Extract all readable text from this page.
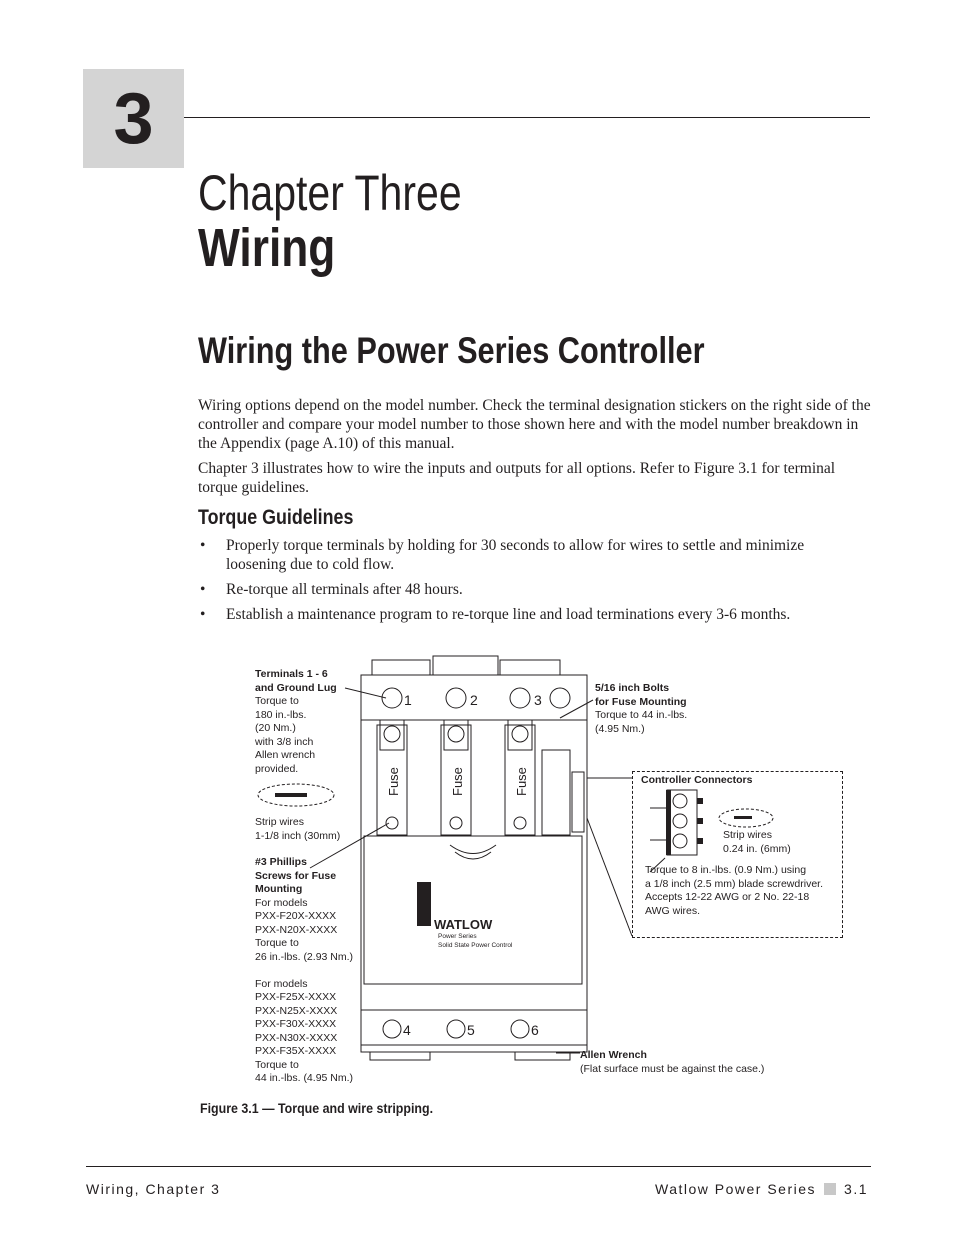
3
Chapter Three
Wiring
Wiring the Power Series Controller

Wiring options depend on the model number. Check the terminal designation stickers on the right side of the controller and compare your model number to those shown here and with the model number breakdown in the Appendix (page A.10) of this manual.

Chapter 3 illustrates how to wire the inputs and outputs for all options. Refer to Figure 3.1 for terminal torque guidelines.

Torque Guidelines
• Properly torque terminals by holding for 30 seconds to allow for wires to settle and minimize loosening due to cold flow.
• Re-torque all terminals after 48 hours.
• Establish a maintenance program to re-torque line and load terminations every 3-6 months.
1	2	3
4	5	6
Fuse	Fuse	Fuse
WATLOW
Power Series
Solid State Power Control
Terminals 1 - 6
and Ground Lug
Torque to
180 in.-lbs.
(20 Nm.)
with 3/8 inch
Allen wrench
provided.
Strip wires
1-1/8 inch (30mm)
#3 Phillips
Screws for Fuse
Mounting
For models
PXX-F20X-XXXX
PXX-N20X-XXXX
Torque to
26 in.-lbs. (2.93 Nm.)

For models
PXX-F25X-XXXX
PXX-N25X-XXXX
PXX-F30X-XXXX
PXX-N30X-XXXX
PXX-F35X-XXXX
Torque to
44 in.-lbs. (4.95 Nm.)
5/16 inch Bolts
for Fuse Mounting
Torque to 44 in.-lbs.
(4.95 Nm.)
Controller Connectors
Strip wires
0.24 in. (6mm)
Torque to 8 in.-lbs. (0.9 Nm.) using
a 1/8 inch (2.5 mm) blade screwdriver.
Accepts 12-22 AWG or 2 No. 22-18
AWG wires.
Allen Wrench
(Flat surface must be against the case.)
Figure 3.1 — Torque and wire stripping.
Wiring, Chapter 3	Watlow Power Series 3.1
